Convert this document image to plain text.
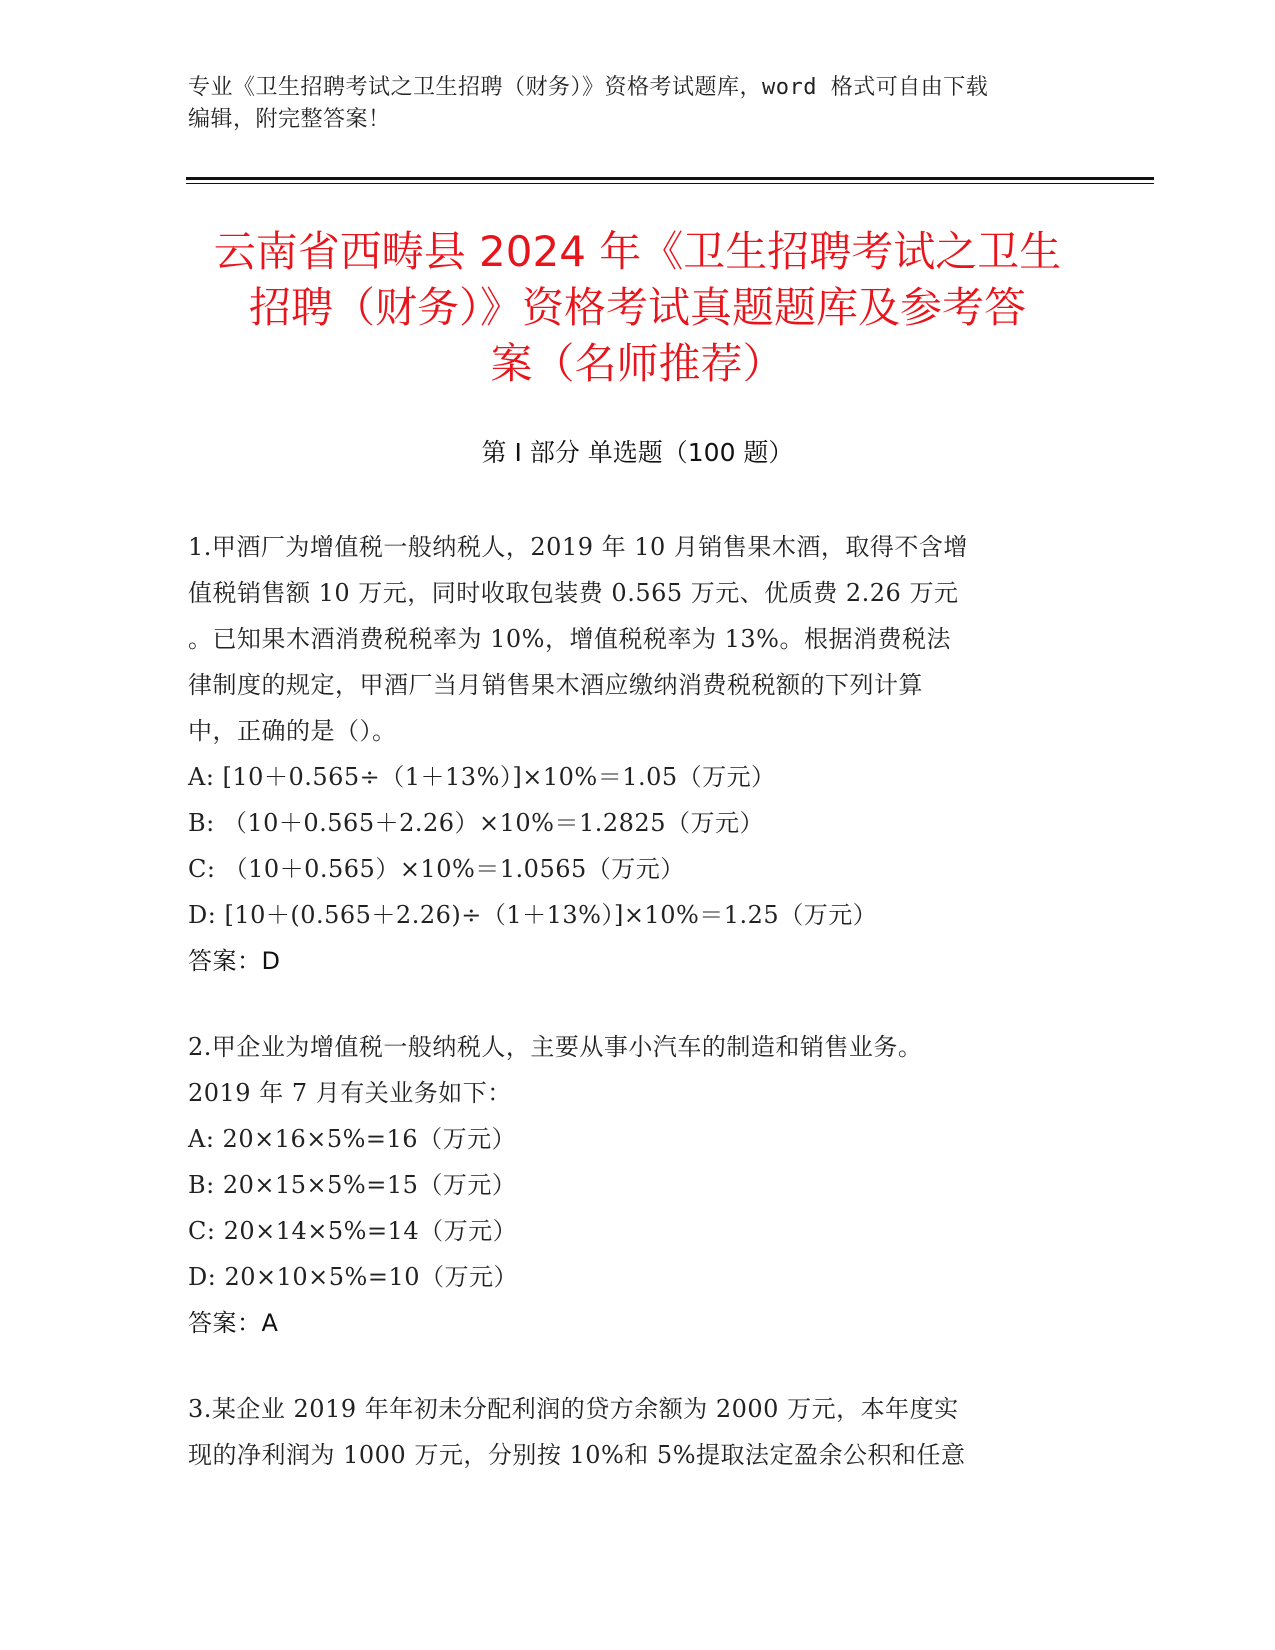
专业《卫生招聘考试之卫生招聘（财务）》资格考试题库，word 格式可自由下载
编辑，附完整答案！
云南省西畴县 2024 年《卫生招聘考试之卫生
招聘（财务）》资格考试真题题库及参考答
案（名师推荐）
第 I 部分 单选题（100 题）
1.甲酒厂为增值税一般纳税人，2019 年 10 月销售果木酒，取得不含增
值税销售额 10 万元，同时收取包装费 0.565 万元、优质费 2.26 万元
。已知果木酒消费税税率为 10%，增值税税率为 13%。根据消费税法
律制度的规定，甲酒厂当月销售果木酒应缴纳消费税税额的下列计算
中，正确的是（）。
A: [10＋0.565÷（1＋13%）]×10%＝1.05（万元）
B: （10＋0.565＋2.26）×10%＝1.2825（万元）
C: （10＋0.565）×10%＝1.0565（万元）
D: [10＋(0.565＋2.26)÷（1＋13%）]×10%＝1.25（万元）
答案：D
2.甲企业为增值税一般纳税人，主要从事小汽车的制造和销售业务。
2019 年 7 月有关业务如下：
A: 20×16×5%=16（万元）
B: 20×15×5%=15（万元）
C: 20×14×5%=14（万元）
D: 20×10×5%=10（万元）
答案：A
3.某企业 2019 年年初未分配利润的贷方余额为 2000 万元，本年度实
现的净利润为 1000 万元，分别按 10%和 5%提取法定盈余公积和任意
